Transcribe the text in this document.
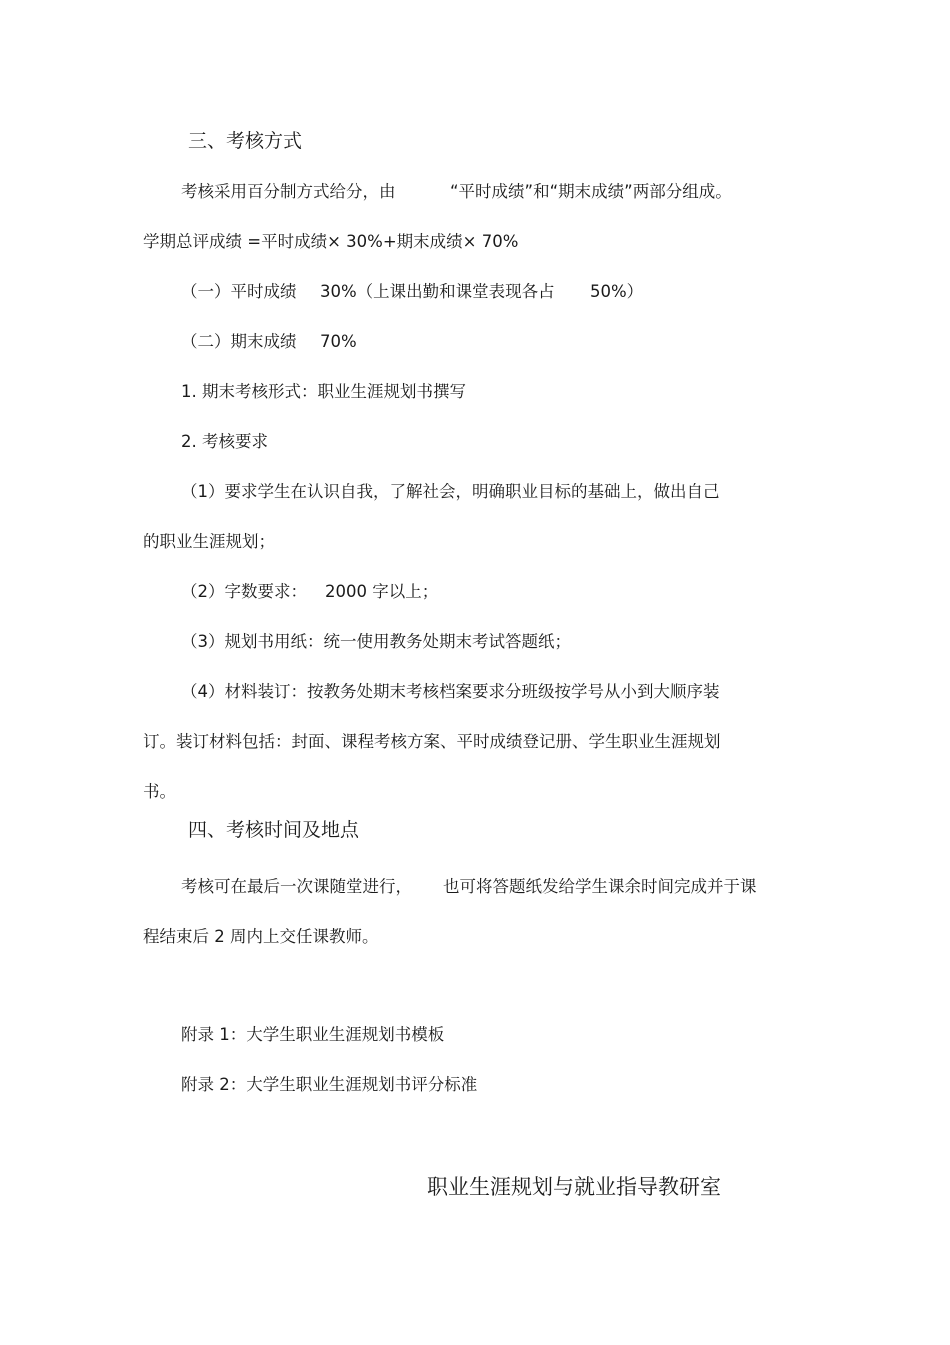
三、考核方式
考核采用百分制方式给分，由	“平时成绩”和“期末成绩”两部分组成。
学期总评成绩 =平时成绩× 30%+期末成绩× 70%
（一）平时成绩 30%（上课出勤和课堂表现各占 50%）
（二）期末成绩 70%
1. 期末考核形式：职业生涯规划书撰写
2. 考核要求
（1）要求学生在认识自我，了解社会，明确职业目标的基础上，做出自己
的职业生涯规划；
（2）字数要求： 2000 字以上；
（3）规划书用纸：统一使用教务处期末考试答题纸；
（4）材料装订：按教务处期末考核档案要求分班级按学号从小到大顺序装
订。装订材料包括：封面、课程考核方案、平时成绩登记册、学生职业生涯规划
书。
四、考核时间及地点
考核可在最后一次课随堂进行， 也可将答题纸发给学生课余时间完成并于课
程结束后 2 周内上交任课教师。
附录 1：大学生职业生涯规划书模板
附录 2：大学生职业生涯规划书评分标准
职业生涯规划与就业指导教研室
